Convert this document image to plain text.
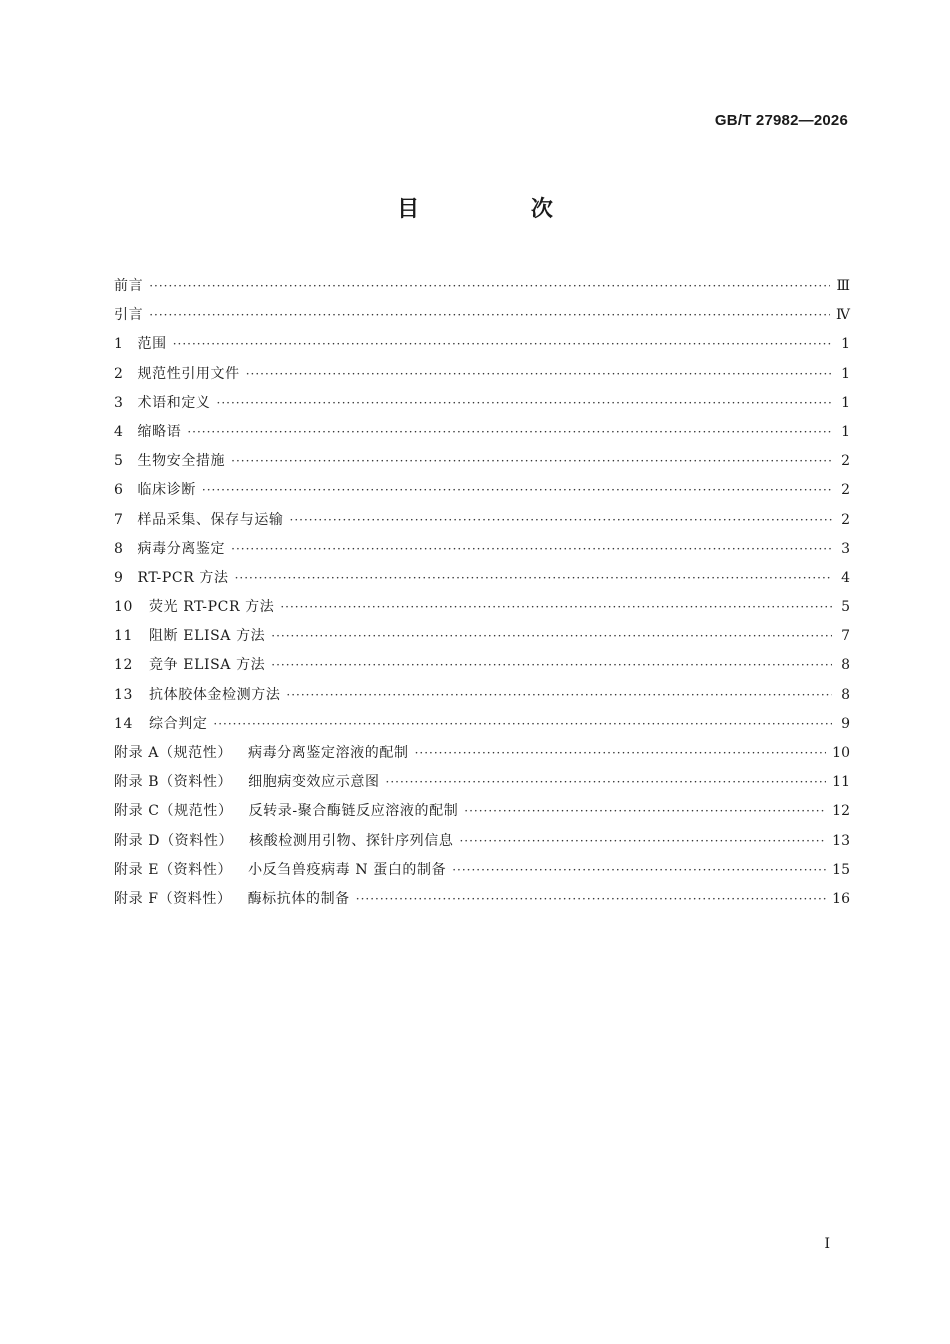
GB/T 27982—2026
目 次
前言 ·····	Ⅲ
引言 ·····	Ⅳ
1 范围 ·····	1
2 规范性引用文件 ·····	1
3 术语和定义 ·····	1
4 缩略语 ·····	1
5 生物安全措施 ·····	2
6 临床诊断 ·····	2
7 样品采集、保存与运输 ·····	2
8 病毒分离鉴定 ·····	3
9 RT-PCR 方法 ·····	4
10 荧光 RT-PCR 方法 ·····	5
11 阻断 ELISA 方法 ·····	7
12 竞争 ELISA 方法 ·····	8
13 抗体胶体金检测方法 ·····	8
14 综合判定 ·····	9
附录 A（规范性） 病毒分离鉴定溶液的配制 ·····	10
附录 B（资料性） 细胞病变效应示意图 ·····	11
附录 C（规范性） 反转录-聚合酶链反应溶液的配制 ·····	12
附录 D（资料性） 核酸检测用引物、探针序列信息 ·····	13
附录 E（资料性） 小反刍兽疫病毒 N 蛋白的制备 ·····	15
附录 F（资料性） 酶标抗体的制备 ·····	16
Ⅰ
